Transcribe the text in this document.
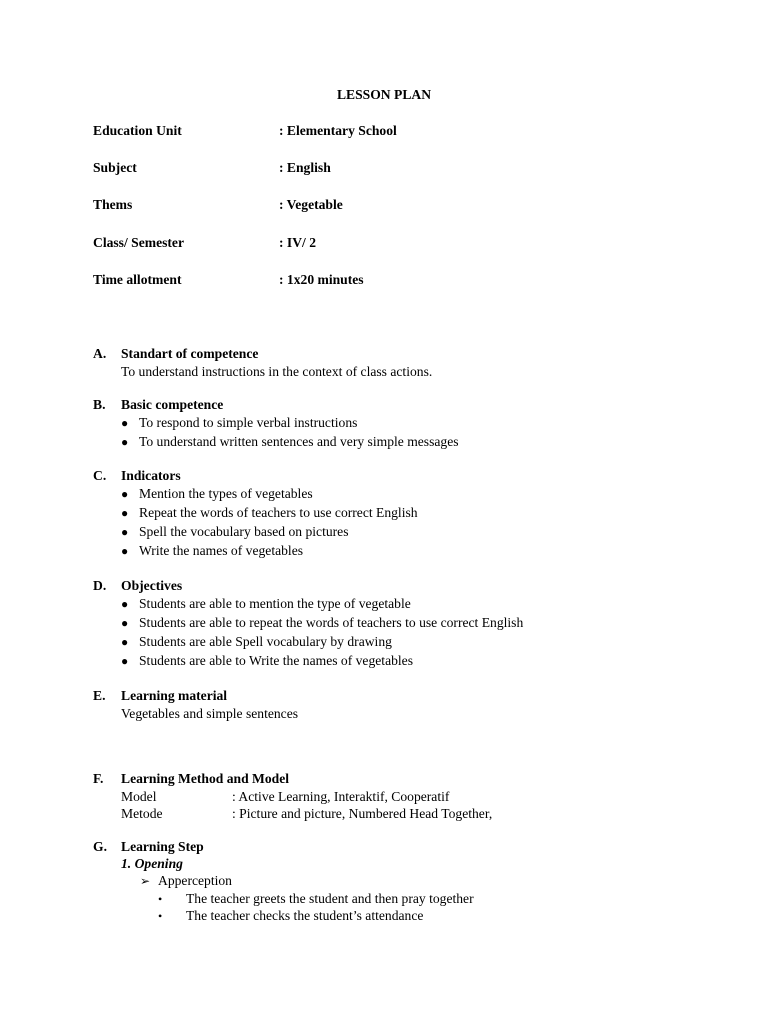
LESSON PLAN
Education Unit	: Elementary School
Subject	: English
Thems	: Vegetable
Class/ Semester	: IV/ 2
Time allotment	: 1x20 minutes
A. Standart of competence
To understand instructions in the context of class actions.
B. Basic competence
● To respond to simple verbal instructions
● To understand written sentences and very simple messages
C. Indicators
● Mention the types of vegetables
● Repeat the words of teachers to use correct English
● Spell the vocabulary based on pictures
● Write the names of vegetables
D. Objectives
● Students are able to mention the type of vegetable
● Students are able to repeat the words of teachers to use correct English
● Students are able Spell vocabulary by drawing
● Students are able to Write the names of vegetables
E. Learning material
Vegetables and simple sentences
F. Learning Method and Model
Model	: Active Learning, Interaktif, Cooperatif
Metode	: Picture and picture, Numbered Head Together,
G. Learning Step
1. Opening
➢ Apperception
• The teacher greets the student and then pray together
• The teacher checks the student’s attendance
